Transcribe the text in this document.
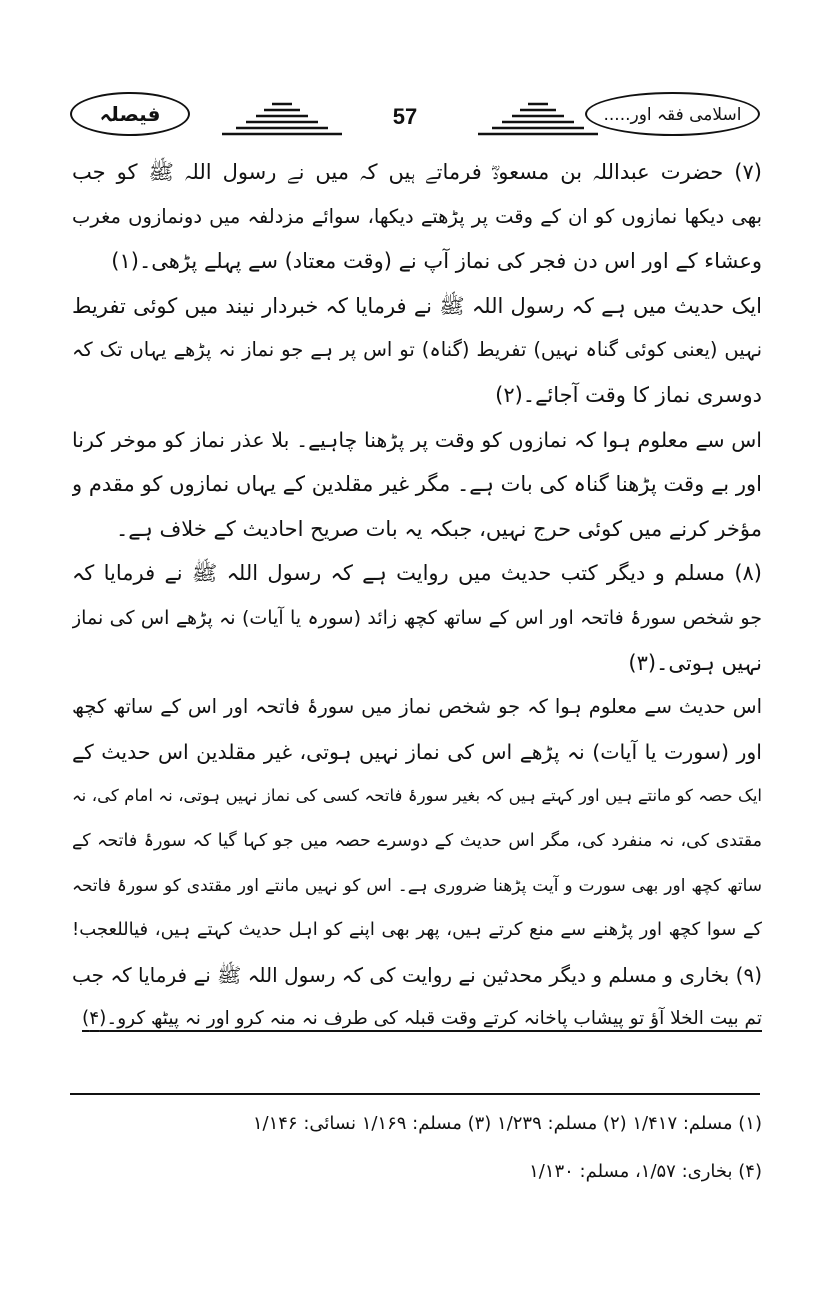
فیصلہ	57	اسلامی فقہ اور.....
(۷) حضرت عبداللہ بن مسعودؓ فرماتے ہیں کہ میں نے رسول اللہ ﷺ کو جب
بھی دیکھا نمازوں کو ان کے وقت پر پڑھتے دیکھا، سوائے مزدلفہ میں دونمازوں مغرب
وعشاء کے اور اس دن فجر کی نماز آپ نے (وقت معتاد) سے پہلے پڑھی۔(۱)
ایک حدیث میں ہے کہ رسول اللہ ﷺ نے فرمایا کہ خبردار نیند میں کوئی تفریط
نہیں (یعنی کوئی گناہ نہیں) تفریط (گناہ) تو اس پر ہے جو نماز نہ پڑھے یہاں تک کہ
دوسری نماز کا وقت آجائے۔(۲)
اس سے معلوم ہوا کہ نمازوں کو وقت پر پڑھنا چاہیے۔ بلا عذر نماز کو موخر کرنا
اور بے وقت پڑھنا گناہ کی بات ہے۔ مگر غیر مقلدین کے یہاں نمازوں کو مقدم و
مؤخر کرنے میں کوئی حرج نہیں، جبکہ یہ بات صریح احادیث کے خلاف ہے۔
(۸) مسلم و دیگر کتب حدیث میں روایت ہے کہ رسول اللہ ﷺ نے فرمایا کہ
جو شخص سورۂ فاتحہ اور اس کے ساتھ کچھ زائد (سورہ یا آیات) نہ پڑھے اس کی نماز
نہیں ہوتی۔(۳)
اس حدیث سے معلوم ہوا کہ جو شخص نماز میں سورۂ فاتحہ اور اس کے ساتھ کچھ
اور (سورت یا آیات) نہ پڑھے اس کی نماز نہیں ہوتی، غیر مقلدین اس حدیث کے
ایک حصہ کو مانتے ہیں اور کہتے ہیں کہ بغیر سورۂ فاتحہ کسی کی نماز نہیں ہوتی، نہ امام کی، نہ
مقتدی کی، نہ منفرد کی، مگر اس حدیث کے دوسرے حصہ میں جو کہا گیا کہ سورۂ فاتحہ کے
ساتھ کچھ اور بھی سورت و آیت پڑھنا ضروری ہے۔ اس کو نہیں مانتے اور مقتدی کو سورۂ فاتحہ
کے سوا کچھ اور پڑھنے سے منع کرتے ہیں، پھر بھی اپنے کو اہل حدیث کہتے ہیں، فیاللعجب!
(۹) بخاری و مسلم و دیگر محدثین نے روایت کی کہ رسول اللہ ﷺ نے فرمایا کہ جب
تم بیت الخلا آؤ تو پیشاب پاخانہ کرتے وقت قبلہ کی طرف نہ منہ کرو اور نہ پیٹھ کرو۔(۴)
(۱) مسلم: ۱/۴۱۷ (۲) مسلم: ۱/۲۳۹ (۳) مسلم: ۱/۱۶۹ نسائی: ۱/۱۴۶
(۴) بخاری: ۱/۵۷، مسلم: ۱/۱۳۰
